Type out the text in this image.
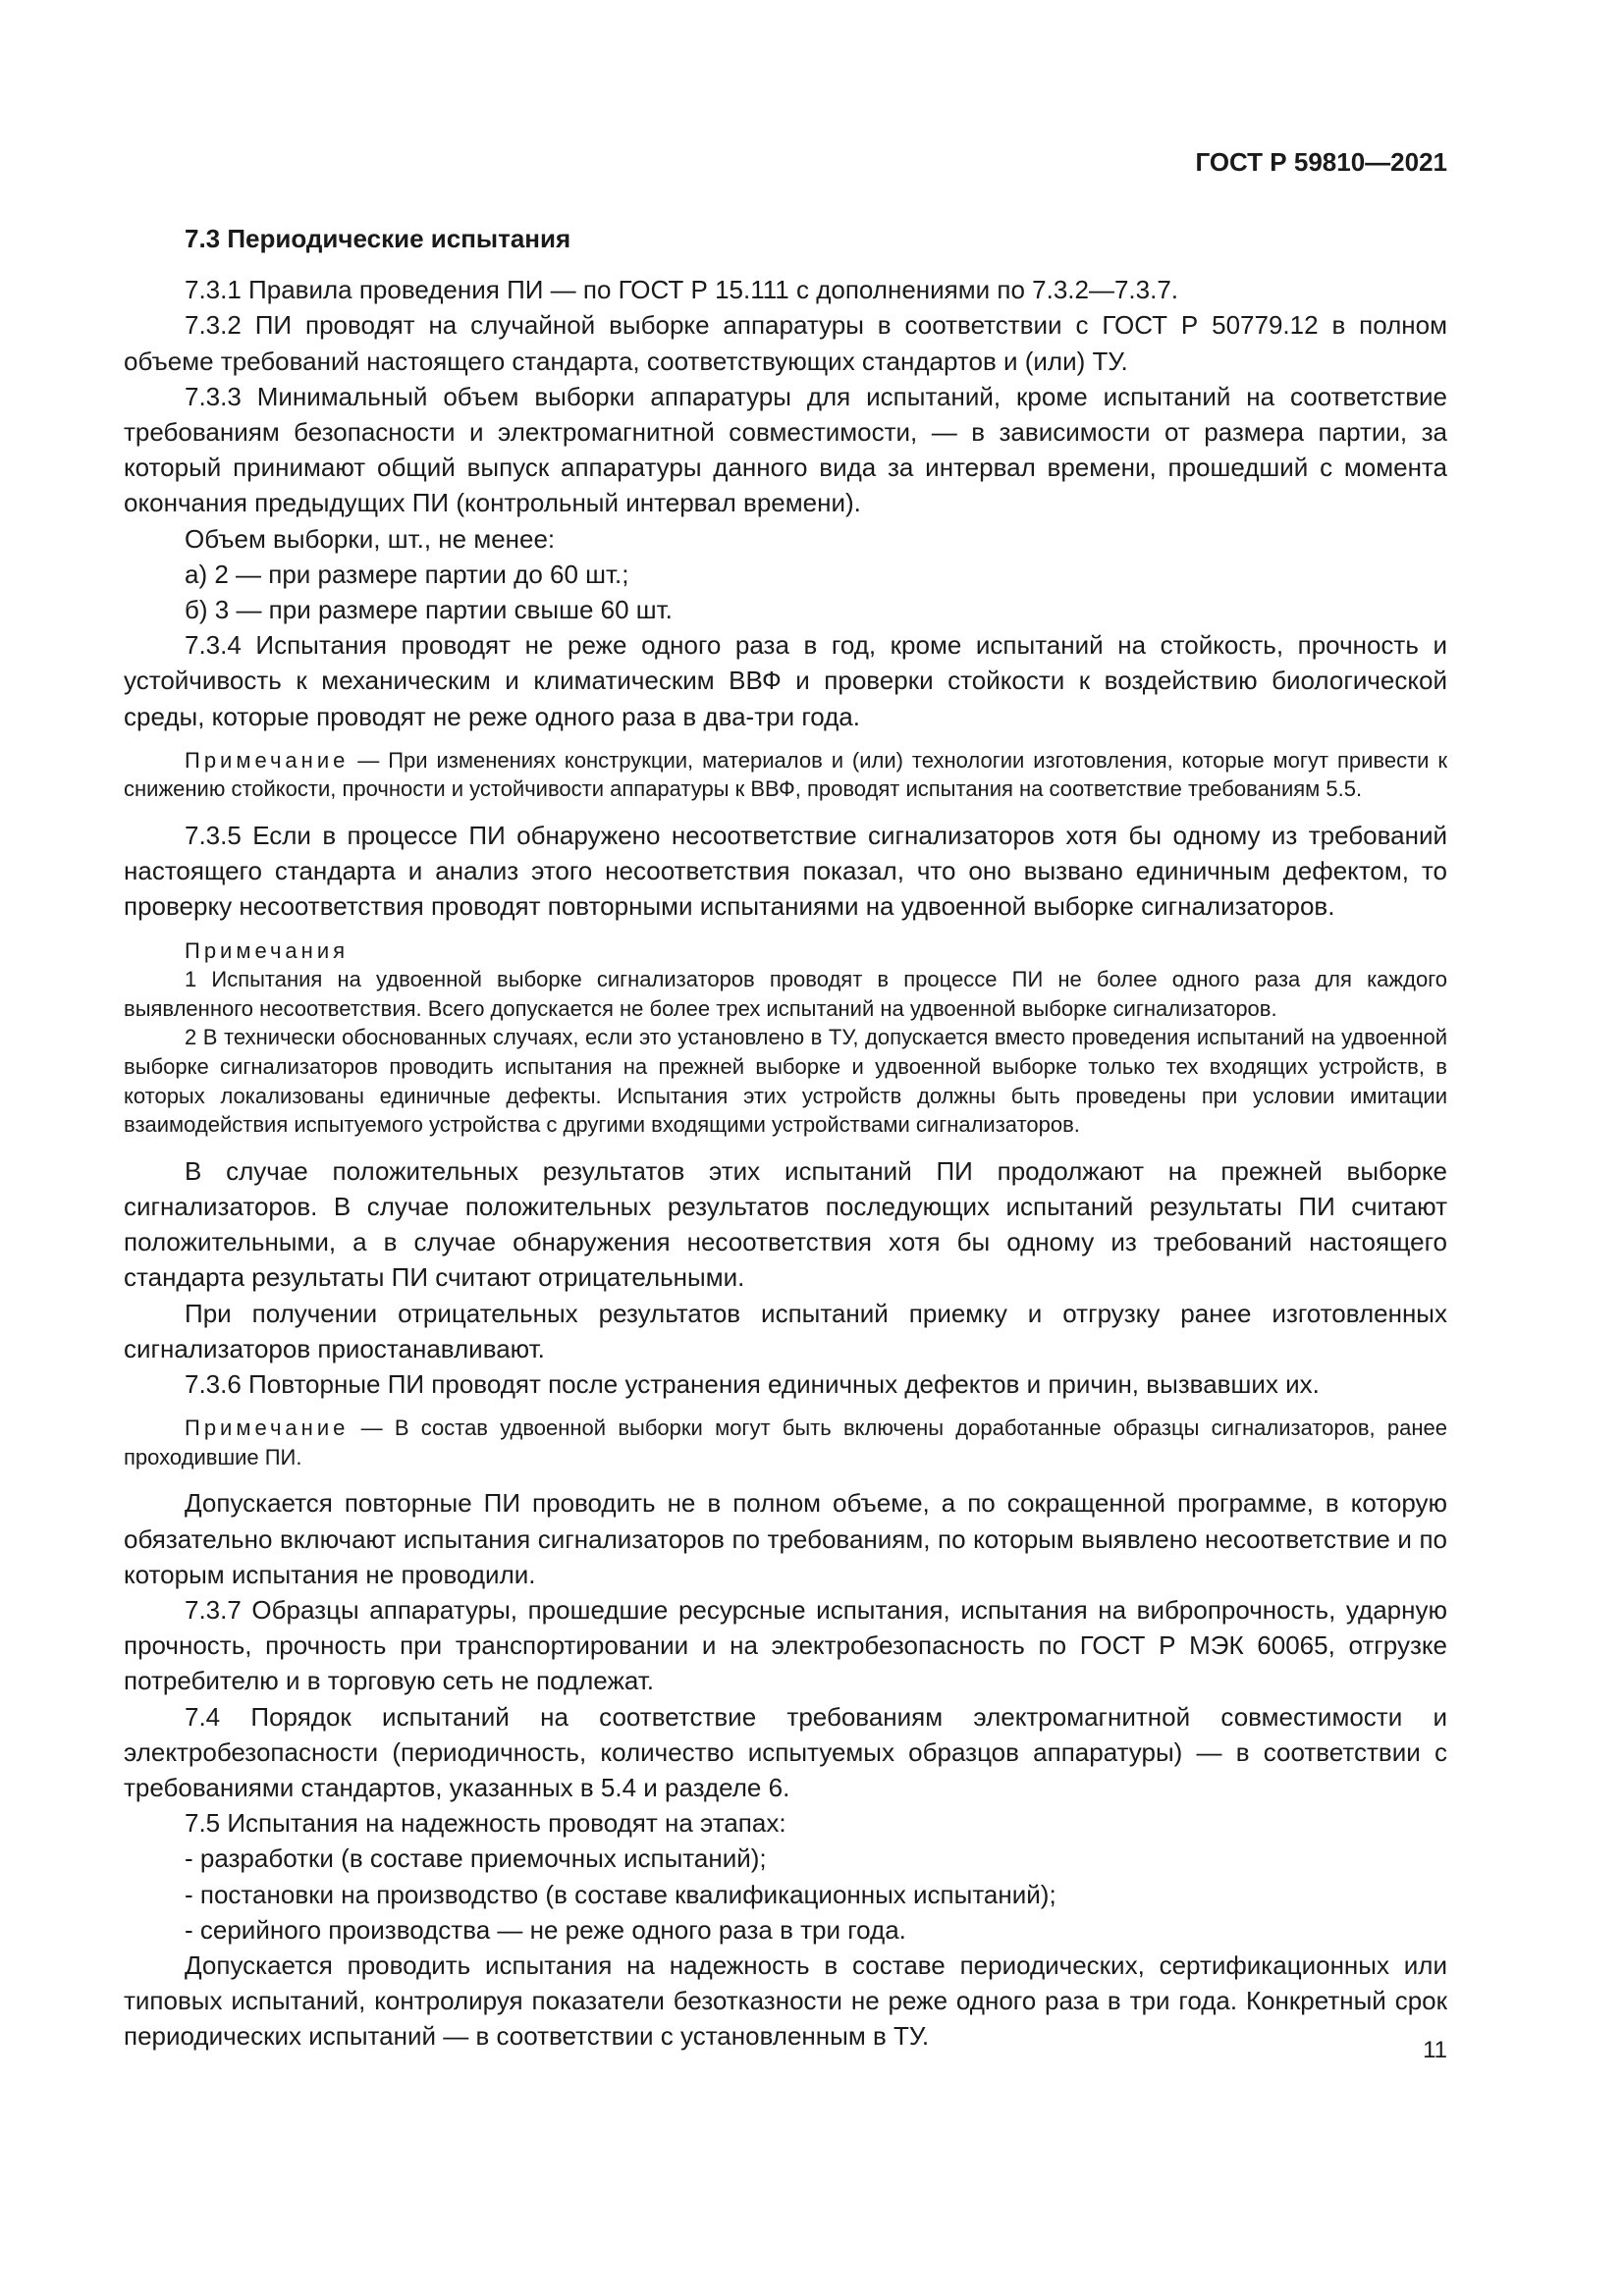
ГОСТ Р 59810—2021

7.3 Периодические испытания

7.3.1 Правила проведения ПИ — по ГОСТ Р 15.111 с дополнениями по 7.3.2—7.3.7.

7.3.2 ПИ проводят на случайной выборке аппаратуры в соответствии с ГОСТ Р 50779.12 в полном объеме требований настоящего стандарта, соответствующих стандартов и (или) ТУ.

7.3.3 Минимальный объем выборки аппаратуры для испытаний, кроме испытаний на соответствие требованиям безопасности и электромагнитной совместимости, — в зависимости от размера партии, за который принимают общий выпуск аппаратуры данного вида за интервал времени, прошедший с момента окончания предыдущих ПИ (контрольный интервал времени).

Объем выборки, шт., не менее:

а) 2 — при размере партии до 60 шт.;

б) 3 — при размере партии свыше 60 шт.

7.3.4 Испытания проводят не реже одного раза в год, кроме испытаний на стойкость, прочность и устойчивость к механическим и климатическим ВВФ и проверки стойкости к воздействию биологической среды, которые проводят не реже одного раза в два-три года.

Примечание — При изменениях конструкции, материалов и (или) технологии изготовления, которые могут привести к снижению стойкости, прочности и устойчивости аппаратуры к ВВФ, проводят испытания на соответствие требованиям 5.5.

7.3.5 Если в процессе ПИ обнаружено несоответствие сигнализаторов хотя бы одному из требований настоящего стандарта и анализ этого несоответствия показал, что оно вызвано единичным дефектом, то проверку несоответствия проводят повторными испытаниями на удвоенной выборке сигнализаторов.

Примечания

1 Испытания на удвоенной выборке сигнализаторов проводят в процессе ПИ не более одного раза для каждого выявленного несоответствия. Всего допускается не более трех испытаний на удвоенной выборке сигнализаторов.

2 В технически обоснованных случаях, если это установлено в ТУ, допускается вместо проведения испытаний на удвоенной выборке сигнализаторов проводить испытания на прежней выборке и удвоенной выборке только тех входящих устройств, в которых локализованы единичные дефекты. Испытания этих устройств должны быть проведены при условии имитации взаимодействия испытуемого устройства с другими входящими устройствами сигнализаторов.

В случае положительных результатов этих испытаний ПИ продолжают на прежней выборке сигнализаторов. В случае положительных результатов последующих испытаний результаты ПИ считают положительными, а в случае обнаружения несоответствия хотя бы одному из требований настоящего стандарта результаты ПИ считают отрицательными.

При получении отрицательных результатов испытаний приемку и отгрузку ранее изготовленных сигнализаторов приостанавливают.

7.3.6 Повторные ПИ проводят после устранения единичных дефектов и причин, вызвавших их.

Примечание — В состав удвоенной выборки могут быть включены доработанные образцы сигнализаторов, ранее проходившие ПИ.

Допускается повторные ПИ проводить не в полном объеме, а по сокращенной программе, в которую обязательно включают испытания сигнализаторов по требованиям, по которым выявлено несоответствие и по которым испытания не проводили.

7.3.7 Образцы аппаратуры, прошедшие ресурсные испытания, испытания на вибропрочность, ударную прочность, прочность при транспортировании и на электробезопасность по ГОСТ Р МЭК 60065, отгрузке потребителю и в торговую сеть не подлежат.

7.4 Порядок испытаний на соответствие требованиям электромагнитной совместимости и электробезопасности (периодичность, количество испытуемых образцов аппаратуры) — в соответствии с требованиями стандартов, указанных в 5.4 и разделе 6.

7.5 Испытания на надежность проводят на этапах:

- разработки (в составе приемочных испытаний);

- постановки на производство (в составе квалификационных испытаний);

- серийного производства — не реже одного раза в три года.

Допускается проводить испытания на надежность в составе периодических, сертификационных или типовых испытаний, контролируя показатели безотказности не реже одного раза в три года. Конкретный срок периодических испытаний — в соответствии с установленным в ТУ.	11
